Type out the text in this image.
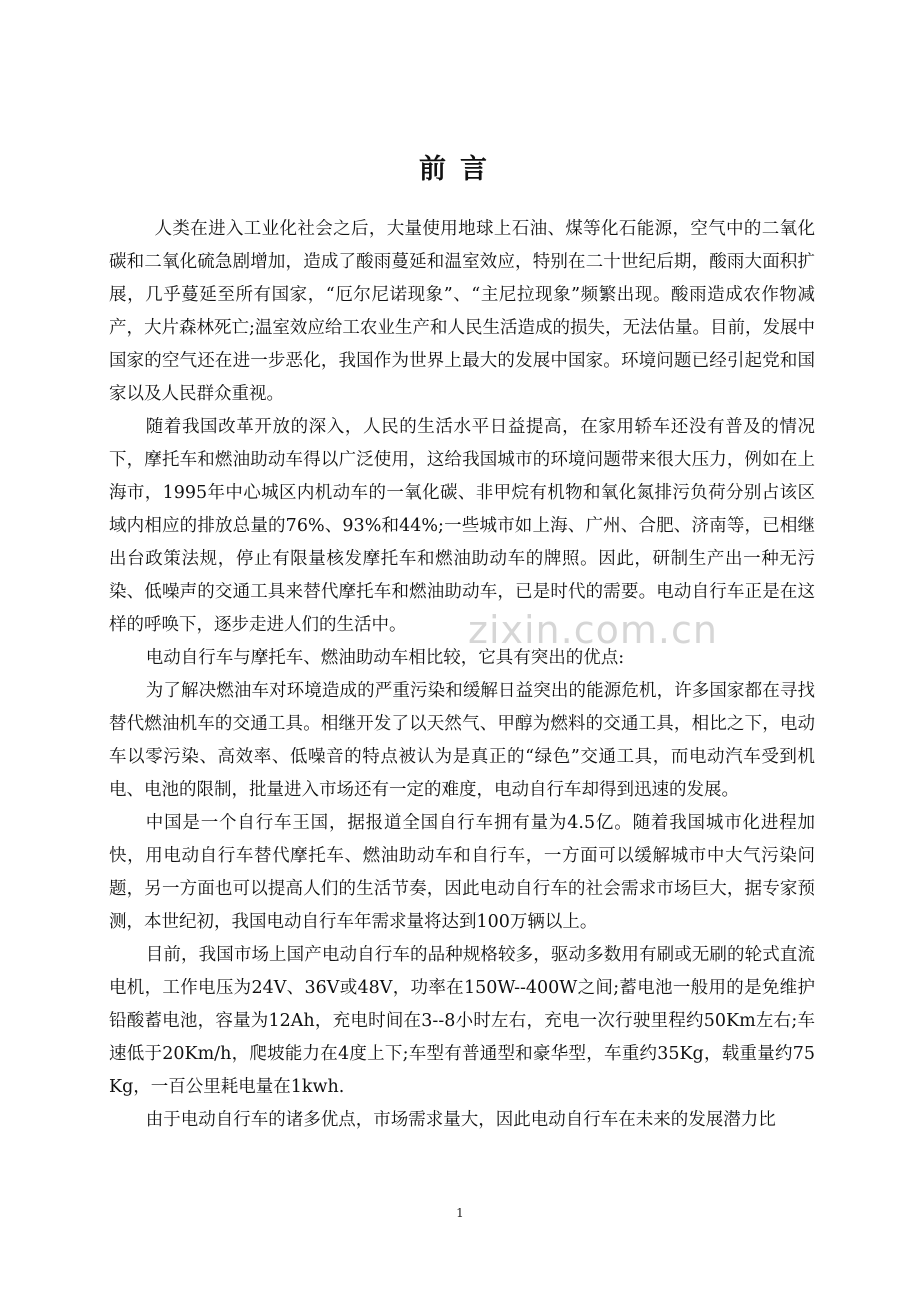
前言

人类在进入工业化社会之后，大量使用地球上石油、煤等化石能源，空气中的二氧化碳和二氧化硫急剧增加，造成了酸雨蔓延和温室效应，特别在二十世纪后期，酸雨大面积扩展，几乎蔓延至所有国家，“厄尔尼诺现象”、“主尼拉现象”频繁出现。酸雨造成农作物减产，大片森林死亡;温室效应给工农业生产和人民生活造成的损失，无法估量。目前，发展中国家的空气还在进一步恶化，我国作为世界上最大的发展中国家。环境问题已经引起党和国家以及人民群众重视。

随着我国改革开放的深入，人民的生活水平日益提高，在家用轿车还没有普及的情况下，摩托车和燃油助动车得以广泛使用，这给我国城市的环境问题带来很大压力，例如在上海市，1995年中心城区内机动车的一氧化碳、非甲烷有机物和氧化氮排污负荷分别占该区域内相应的排放总量的76%、93%和44%;一些城市如上海、广州、合肥、济南等，已相继出台政策法规，停止有限量核发摩托车和燃油助动车的牌照。因此，研制生产出一种无污染、低噪声的交通工具来替代摩托车和燃油助动车，已是时代的需要。电动自行车正是在这样的呼唤下，逐步走进人们的生活中。

电动自行车与摩托车、燃油助动车相比较，它具有突出的优点:

为了解决燃油车对环境造成的严重污染和缓解日益突出的能源危机，许多国家都在寻找替代燃油机车的交通工具。相继开发了以天然气、甲醇为燃料的交通工具，相比之下，电动车以零污染、高效率、低噪音的特点被认为是真正的“绿色”交通工具，而电动汽车受到机电、电池的限制，批量进入市场还有一定的难度，电动自行车却得到迅速的发展。

中国是一个自行车王国，据报道全国自行车拥有量为4.5亿。随着我国城市化进程加快，用电动自行车替代摩托车、燃油助动车和自行车，一方面可以缓解城市中大气污染问题，另一方面也可以提高人们的生活节奏，因此电动自行车的社会需求市场巨大，据专家预测，本世纪初，我国电动自行车年需求量将达到100万辆以上。

目前，我国市场上国产电动自行车的品种规格较多，驱动多数用有刷或无刷的轮式直流电机，工作电压为24V、36V或48V，功率在150W--400W之间;蓄电池一般用的是免维护铅酸蓄电池，容量为12Ah，充电时间在3--8小时左右，充电一次行驶里程约50Km左右;车速低于20Km/h，爬坡能力在4度上下;车型有普通型和豪华型，车重约35Kg，载重量约75Kg，一百公里耗电量在1kwh.

由于电动自行车的诸多优点，市场需求量大，因此电动自行车在未来的发展潜力比

zixin.com.cn
1
